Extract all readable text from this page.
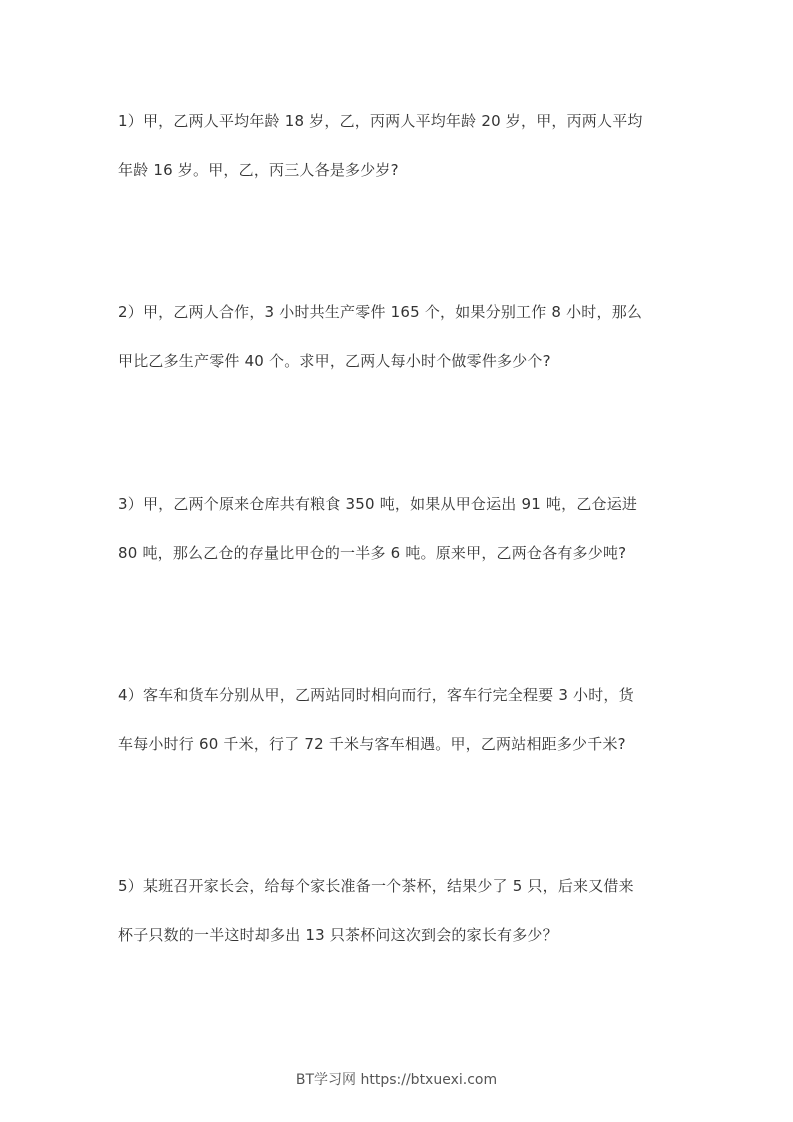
1）甲，乙两人平均年龄 18 岁，乙，丙两人平均年龄 20 岁，甲，丙两人平均
年龄 16 岁。甲，乙，丙三人各是多少岁?
2）甲，乙两人合作，3 小时共生产零件 165 个，如果分别工作 8 小时，那么
甲比乙多生产零件 40 个。求甲，乙两人每小时个做零件多少个?
3）甲，乙两个原来仓库共有粮食 350 吨，如果从甲仓运出 91 吨，乙仓运进
80 吨，那么乙仓的存量比甲仓的一半多 6 吨。原来甲，乙两仓各有多少吨?
4）客车和货车分别从甲，乙两站同时相向而行，客车行完全程要 3 小时，货
车每小时行 60 千米，行了 72 千米与客车相遇。甲，乙两站相距多少千米?
5）某班召开家长会，给每个家长准备一个茶杯，结果少了 5 只，后来又借来
杯子只数的一半这时却多出 13 只茶杯问这次到会的家长有多少？
BT学习网 https://btxuexi.com
